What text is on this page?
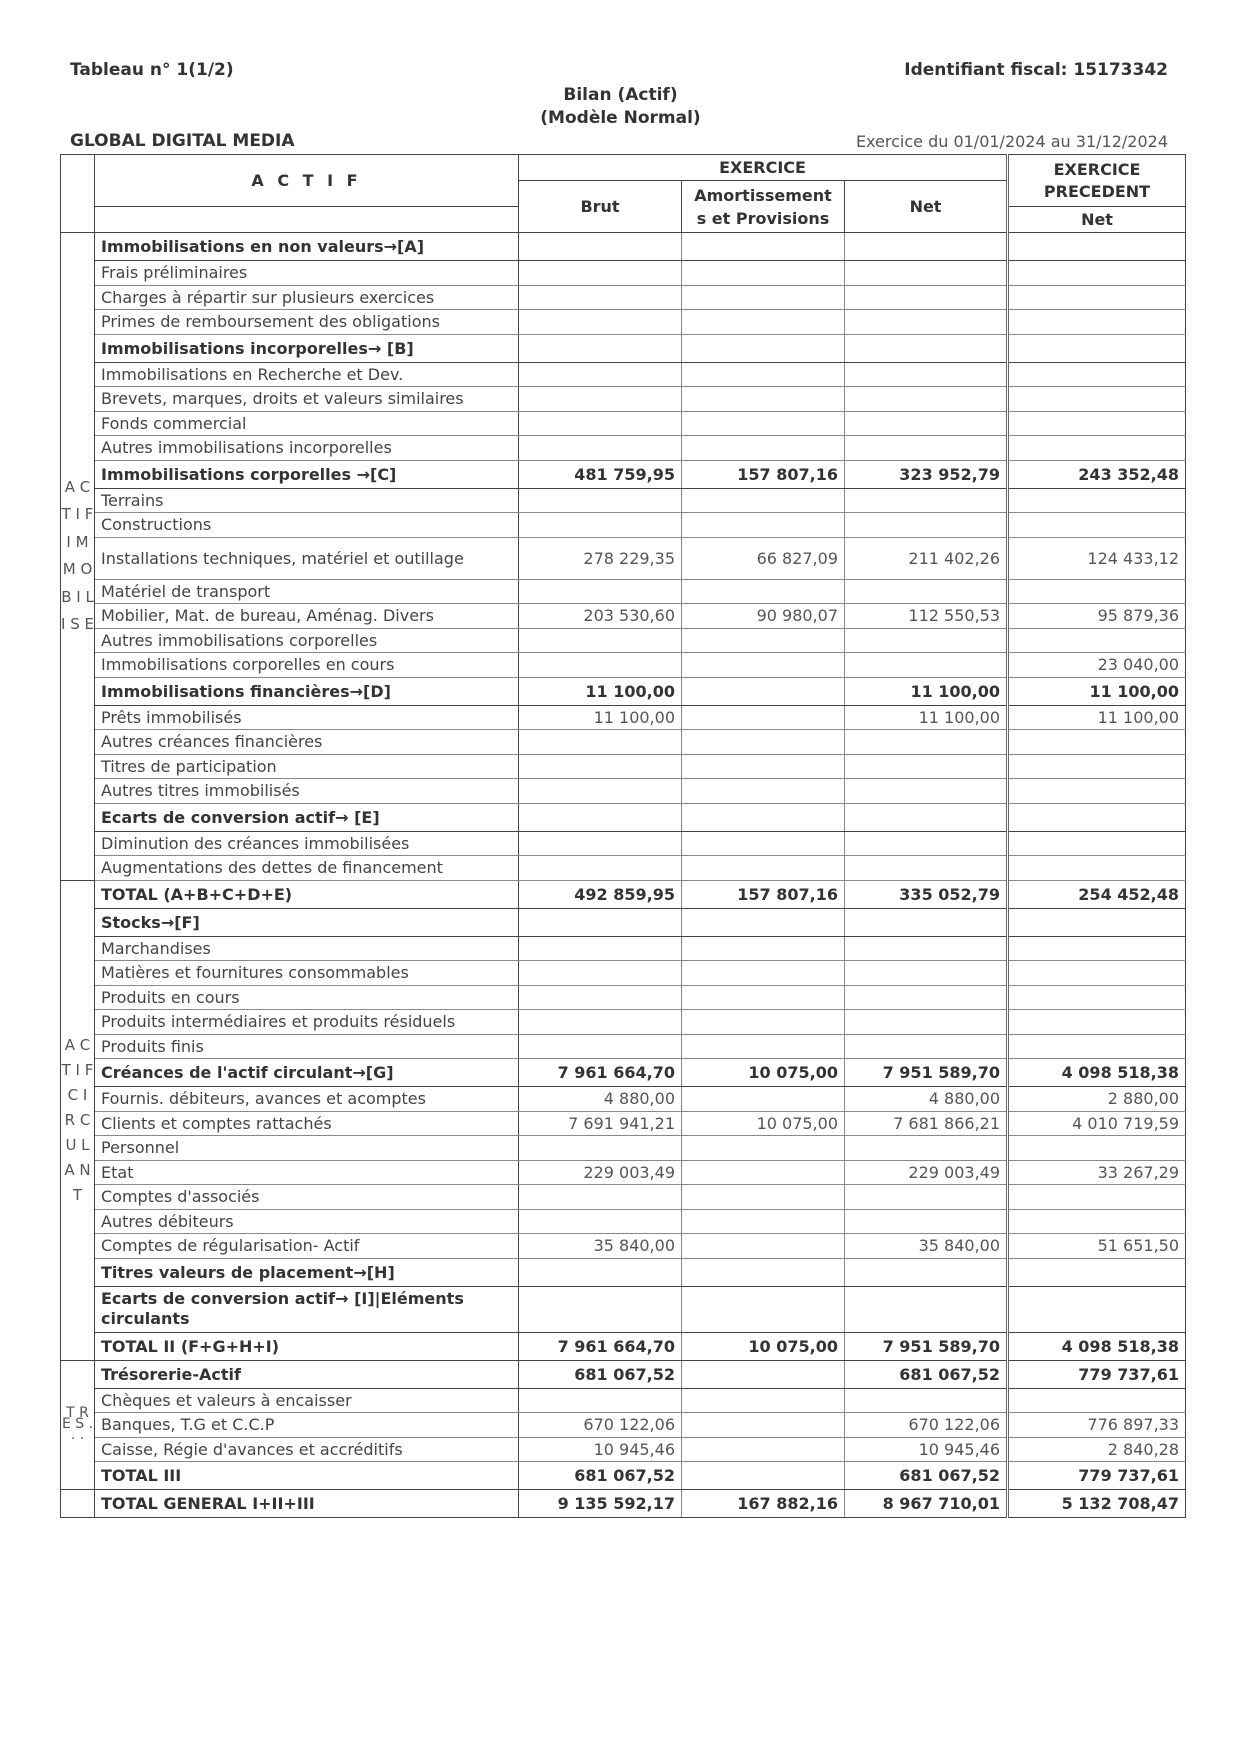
Tableau n° 1(1/2)	Identifiant fiscal: 15173342
Bilan (Actif)
(Modèle Normal)
GLOBAL DIGITAL MEDIA	Exercice du 01/01/2024 au 31/12/2024
	A C T I F	EXERCICE			EXERCICE PRECEDENT
		Brut	Amortissement s et Provisions	Net	
					Net
A C T I F I M M O B I L I S E	Immobilisations en non valeurs→[A]				
	Frais préliminaires				
	Charges à répartir sur plusieurs exercices				
	Primes de remboursement des obligations				
	Immobilisations incorporelles→ [B]				
	Immobilisations en Recherche et Dev.				
	Brevets, marques, droits et valeurs similaires				
	Fonds commercial				
	Autres immobilisations incorporelles				
	Immobilisations corporelles →[C]	481 759,95	157 807,16	323 952,79	243 352,48
	Terrains				
	Constructions				
	Installations techniques, matériel et outillage	278 229,35	66 827,09	211 402,26	124 433,12
	Matériel de transport				
	Mobilier, Mat. de bureau, Aménag. Divers	203 530,60	90 980,07	112 550,53	95 879,36
	Autres immobilisations corporelles				
	Immobilisations corporelles en cours				23 040,00
	Immobilisations financières→[D]	11 100,00		11 100,00	11 100,00
	Prêts immobilisés	11 100,00		11 100,00	11 100,00
	Autres créances financières				
	Titres de participation				
	Autres titres immobilisés				
	Ecarts de conversion actif→ [E]				
	Diminution des créances immobilisées				
	Augmentations des dettes de financement				
A C T I F C I R C U L A N T	TOTAL (A+B+C+D+E)	492 859,95	157 807,16	335 052,79	254 452,48
	Stocks→[F]				
	Marchandises				
	Matières et fournitures consommables				
	Produits en cours				
	Produits intermédiaires et produits résiduels				
	Produits finis				
	Créances de l'actif circulant→[G]	7 961 664,70	10 075,00	7 951 589,70	4 098 518,38
	Fournis. débiteurs, avances et acomptes	4 880,00		4 880,00	2 880,00
	Clients et comptes rattachés	7 691 941,21	10 075,00	7 681 866,21	4 010 719,59
	Personnel				
	Etat	229 003,49		229 003,49	33 267,29
	Comptes d'associés				
	Autres débiteurs				
	Comptes de régularisation- Actif	35 840,00		35 840,00	51 651,50
	Titres valeurs de placement→[H]				
	Ecarts de conversion actif→ [I]|Eléments circulants				
	TOTAL II (F+G+H+I)	7 961 664,70	10 075,00	7 951 589,70	4 098 518,38
T R E S . . .	Trésorerie-Actif	681 067,52		681 067,52	779 737,61
	Chèques et valeurs à encaisser				
	Banques, T.G et C.C.P	670 122,06		670 122,06	776 897,33
	Caisse, Régie d'avances et accréditifs	10 945,46		10 945,46	2 840,28
	TOTAL III	681 067,52		681 067,52	779 737,61
	TOTAL GENERAL I+II+III	9 135 592,17	167 882,16	8 967 710,01	5 132 708,47
